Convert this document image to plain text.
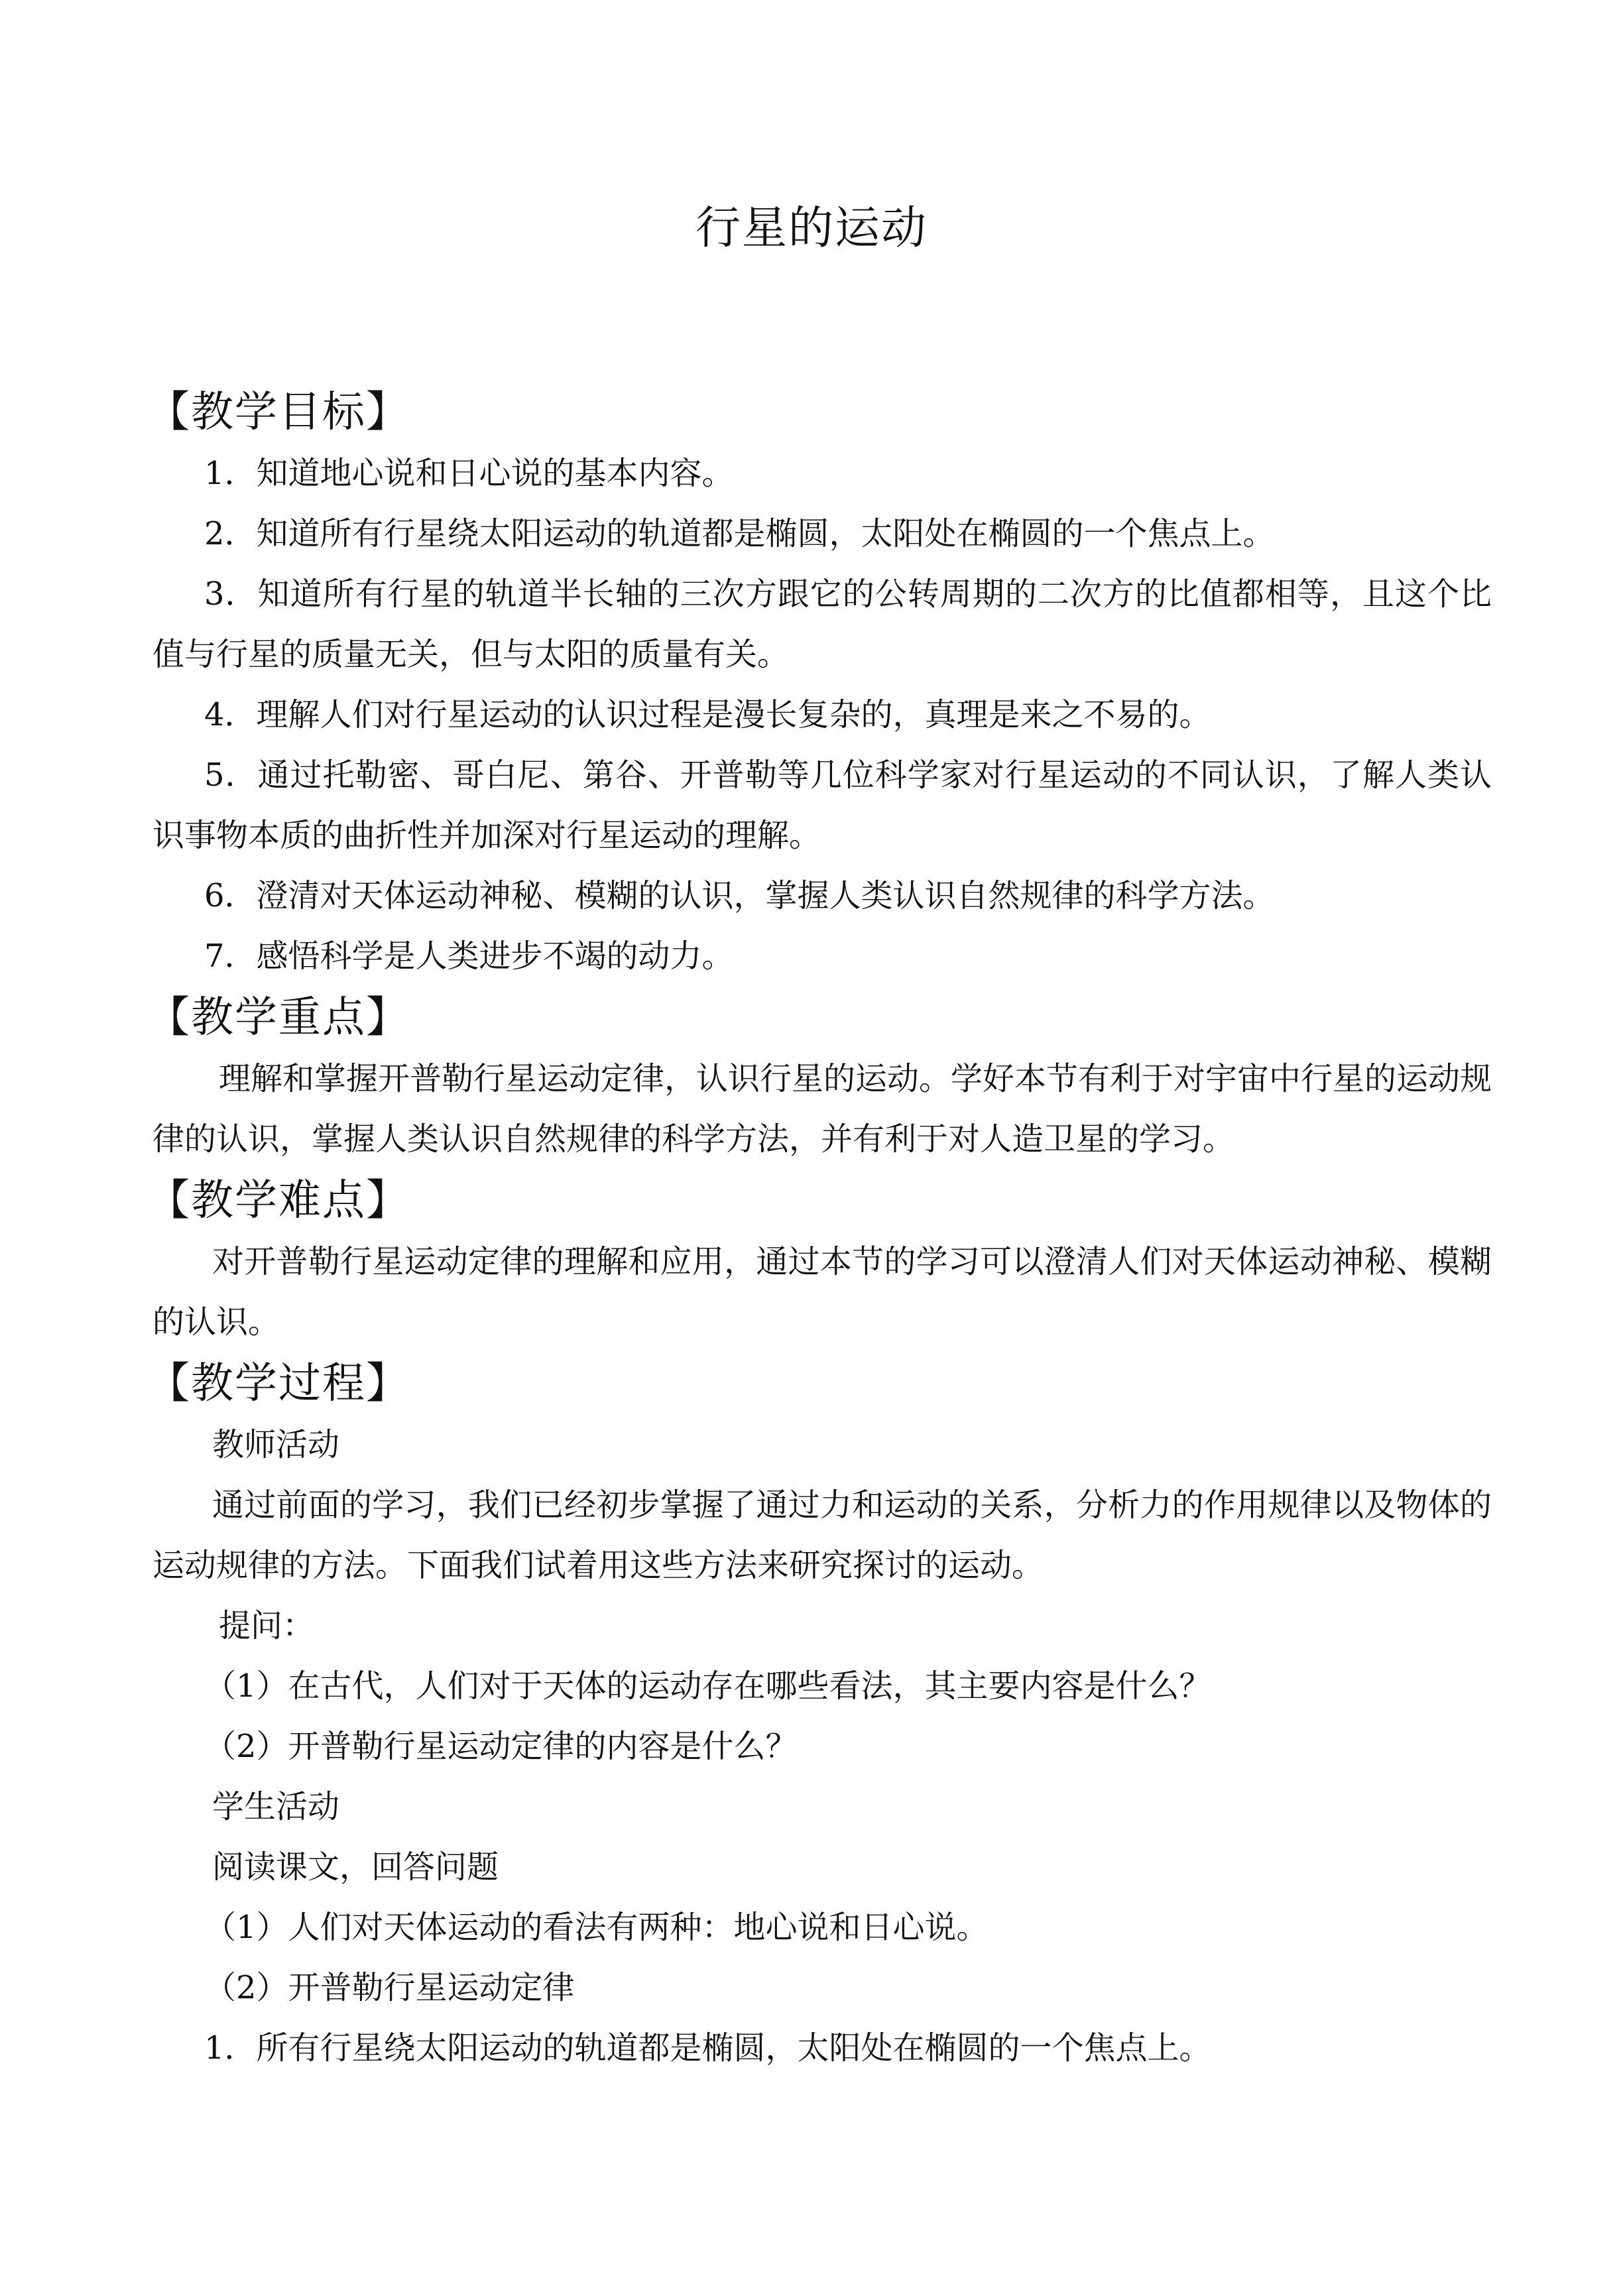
行星的运动
【教学目标】

1．知道地心说和日心说的基本内容。

2．知道所有行星绕太阳运动的轨道都是椭圆，太阳处在椭圆的一个焦点上。

3．知道所有行星的轨道半长轴的三次方跟它的公转周期的二次方的比值都相等，且这个比值与行星的质量无关，但与太阳的质量有关。

4．理解人们对行星运动的认识过程是漫长复杂的，真理是来之不易的。

5．通过托勒密、哥白尼、第谷、开普勒等几位科学家对行星运动的不同认识，了解人类认识事物本质的曲折性并加深对行星运动的理解。

6．澄清对天体运动神秘、模糊的认识，掌握人类认识自然规律的科学方法。

7．感悟科学是人类进步不竭的动力。

【教学重点】

理解和掌握开普勒行星运动定律，认识行星的运动。学好本节有利于对宇宙中行星的运动规律的认识，掌握人类认识自然规律的科学方法，并有利于对人造卫星的学习。

【教学难点】

对开普勒行星运动定律的理解和应用，通过本节的学习可以澄清人们对天体运动神秘、模糊的认识。

【教学过程】

教师活动

通过前面的学习，我们已经初步掌握了通过力和运动的关系，分析力的作用规律以及物体的运动规律的方法。下面我们试着用这些方法来研究探讨的运动。

提问：

（1）在古代，人们对于天体的运动存在哪些看法，其主要内容是什么？

（2）开普勒行星运动定律的内容是什么？

学生活动

阅读课文，回答问题

（1）人们对天体运动的看法有两种：地心说和日心说。

（2）开普勒行星运动定律

1．所有行星绕太阳运动的轨道都是椭圆，太阳处在椭圆的一个焦点上。
